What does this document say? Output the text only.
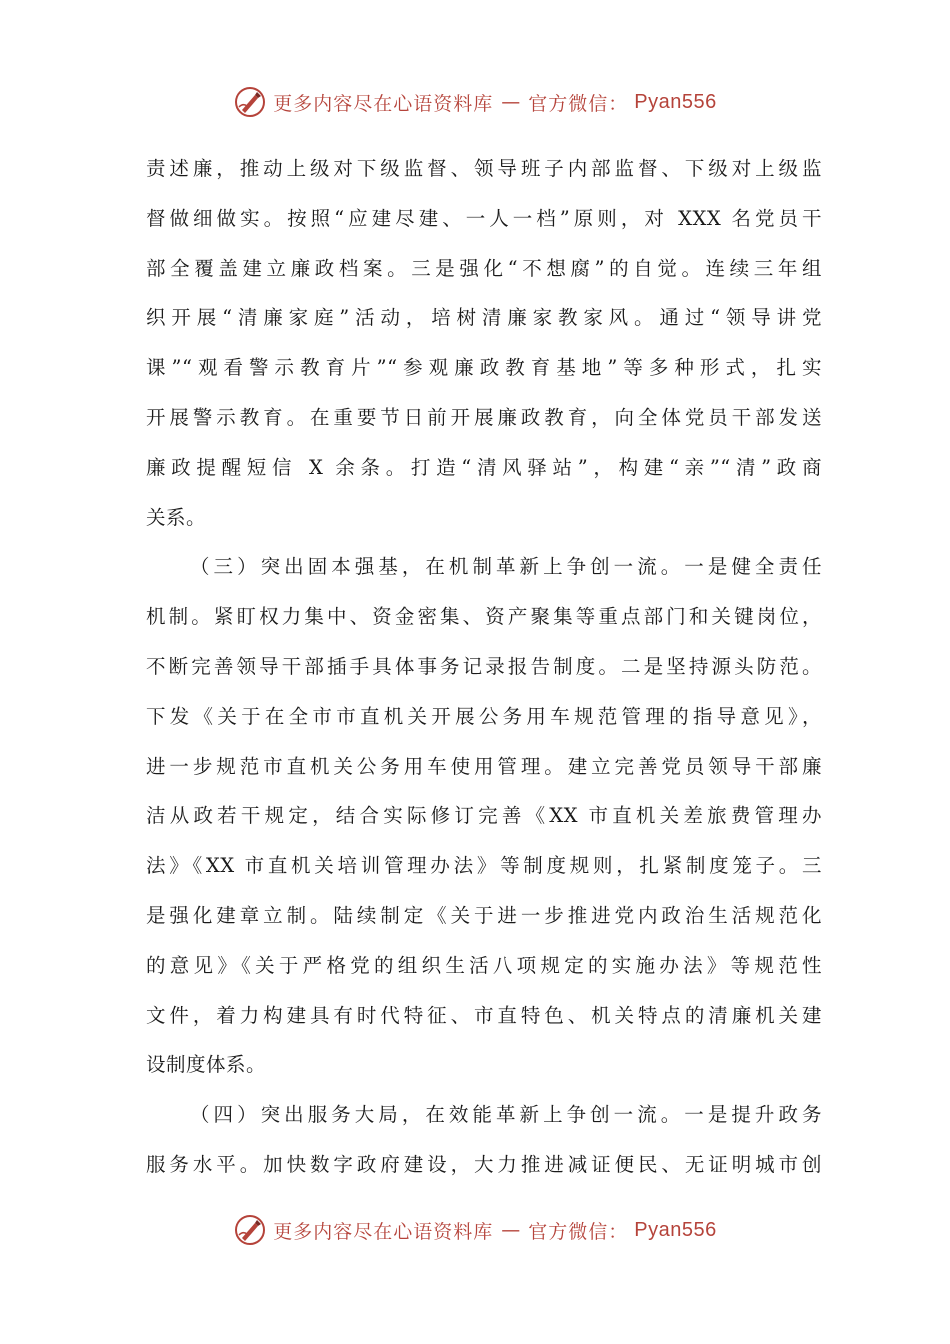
更多内容尽在心语资料库 — 官方微信： Pyan556
责述廉，推动上级对下级监督、领导班子内部监督、下级对上级监
督做细做实。按照“应建尽建、一人一档”原则，对 XXX 名党员干
部全覆盖建立廉政档案。三是强化“不想腐”的自觉。连续三年组
织开展“清廉家庭”活动，培树清廉家教家风。通过“领导讲党
课”“观看警示教育片”“参观廉政教育基地”等多种形式，扎实
开展警示教育。在重要节日前开展廉政教育，向全体党员干部发送
廉政提醒短信 X 余条。打造“清风驿站”，构建“亲”“清”政商
关系。
（三）突出固本强基，在机制革新上争创一流。一是健全责任
机制。紧盯权力集中、资金密集、资产聚集等重点部门和关键岗位，
不断完善领导干部插手具体事务记录报告制度。二是坚持源头防范。
下发《关于在全市市直机关开展公务用车规范管理的指导意见》，
进一步规范市直机关公务用车使用管理。建立完善党员领导干部廉
洁从政若干规定，结合实际修订完善《XX 市直机关差旅费管理办
法》《XX 市直机关培训管理办法》等制度规则，扎紧制度笼子。三
是强化建章立制。陆续制定《关于进一步推进党内政治生活规范化
的意见》《关于严格党的组织生活八项规定的实施办法》等规范性
文件，着力构建具有时代特征、市直特色、机关特点的清廉机关建
设制度体系。
（四）突出服务大局，在效能革新上争创一流。一是提升政务
服务水平。加快数字政府建设，大力推进减证便民、无证明城市创
更多内容尽在心语资料库 — 官方微信： Pyan556
